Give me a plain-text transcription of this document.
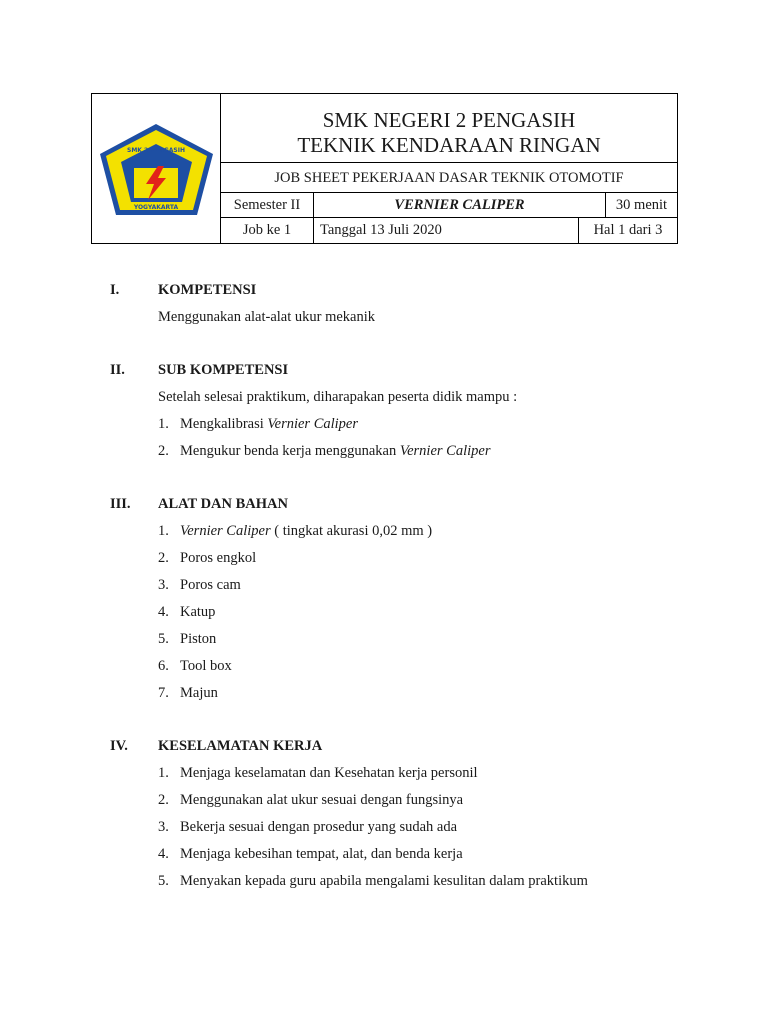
SMK 2 PENGASIH
YOGYAKARTA
SMK NEGERI 2 PENGASIH
TEKNIK KENDARAAN RINGAN
JOB SHEET PEKERJAAN DASAR TEKNIK OTOMOTIF
Semester II	VERNIER CALIPER	30 menit
Job ke 1	Tanggal 13 Juli 2020	Hal 1 dari 3
I.	KOMPETENSI
Menggunakan alat-alat ukur mekanik
II. SUB KOMPETENSI
Setelah selesai praktikum, diharapakan peserta didik mampu :
1. Mengkalibrasi Vernier Caliper
2. Mengukur benda kerja menggunakan Vernier Caliper
III. ALAT DAN BAHAN
1. Vernier Caliper ( tingkat akurasi 0,02 mm )
2. Poros engkol
3. Poros cam
4. Katup
5. Piston
6. Tool box
7. Majun
IV. KESELAMATAN KERJA
1. Menjaga keselamatan dan Kesehatan kerja personil
2. Menggunakan alat ukur sesuai dengan fungsinya
3. Bekerja sesuai dengan prosedur yang sudah ada
4. Menjaga kebesihan tempat, alat, dan benda kerja
5. Menyakan kepada guru apabila mengalami kesulitan dalam praktikum
